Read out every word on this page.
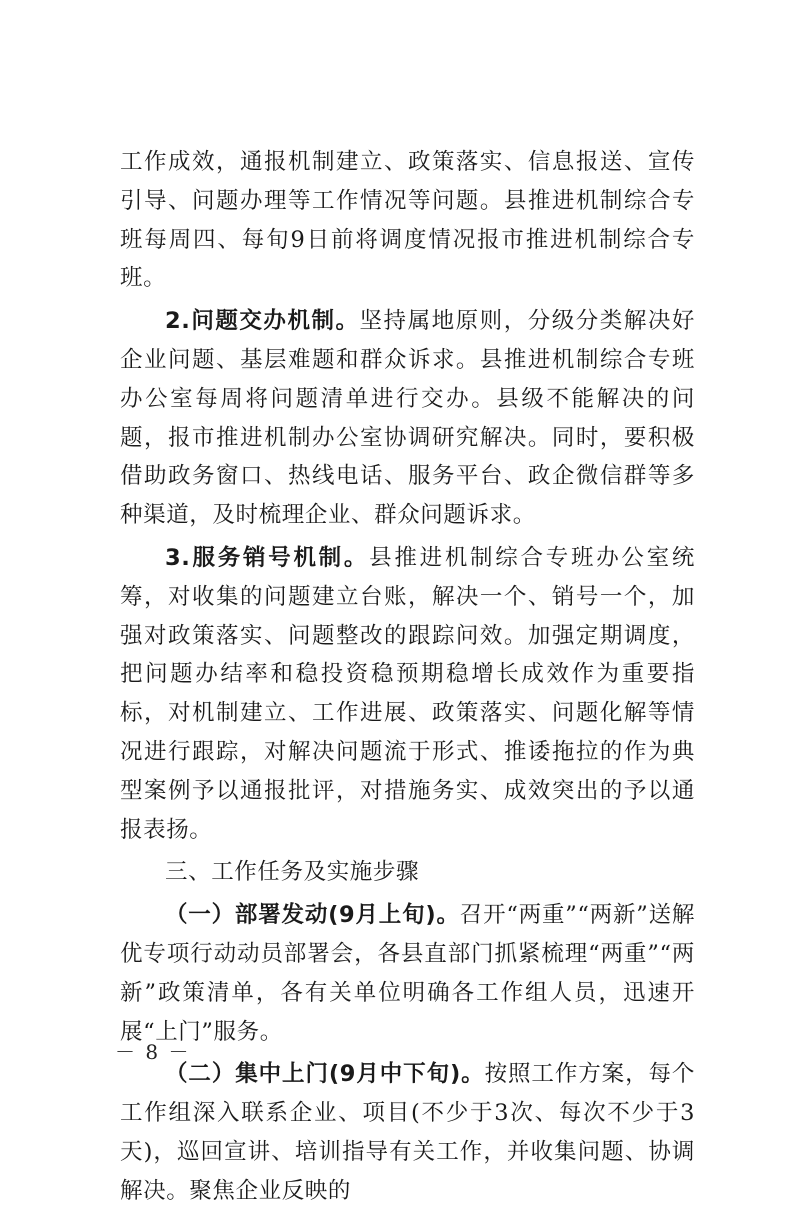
工作成效，通报机制建立、政策落实、信息报送、宣传引导、问题办理等工作情况等问题。县推进机制综合专班每周四、每旬9日前将调度情况报市推进机制综合专班。

2.问题交办机制。坚持属地原则，分级分类解决好企业问题、基层难题和群众诉求。县推进机制综合专班办公室每周将问题清单进行交办。县级不能解决的问题，报市推进机制办公室协调研究解决。同时，要积极借助政务窗口、热线电话、服务平台、政企微信群等多种渠道，及时梳理企业、群众问题诉求。

3.服务销号机制。县推进机制综合专班办公室统筹，对收集的问题建立台账，解决一个、销号一个，加强对政策落实、问题整改的跟踪问效。加强定期调度，把问题办结率和稳投资稳预期稳增长成效作为重要指标，对机制建立、工作进展、政策落实、问题化解等情况进行跟踪，对解决问题流于形式、推诿拖拉的作为典型案例予以通报批评，对措施务实、成效突出的予以通报表扬。

三、工作任务及实施步骤

（一）部署发动(9月上旬)。召开“两重”“两新”送解优专项行动动员部署会，各县直部门抓紧梳理“两重”“两新”政策清单，各有关单位明确各工作组人员，迅速开展“上门”服务。

（二）集中上门(9月中下旬)。按照工作方案，每个工作组深入联系企业、项目(不少于3次、每次不少于3天)，巡回宣讲、培训指导有关工作，并收集问题、协调解决。聚焦企业反映的

－ 8 －
